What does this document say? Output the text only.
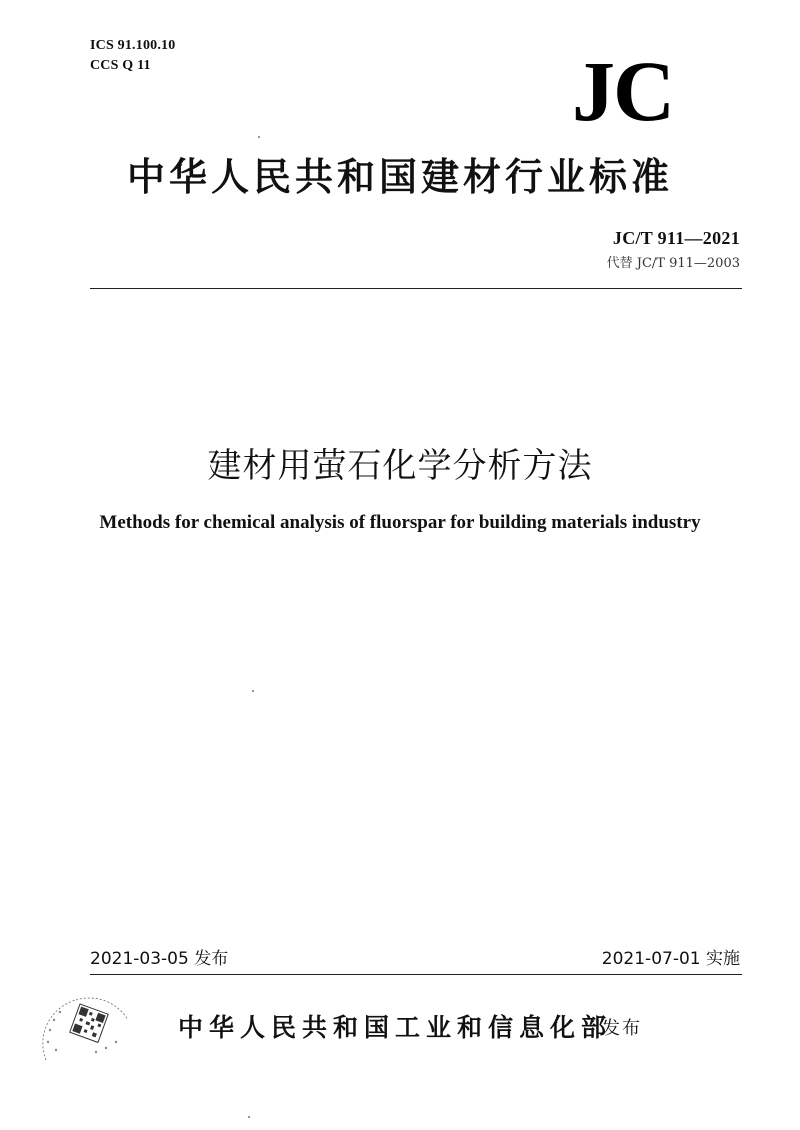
ICS 91.100.10
CCS Q 11	JC
中华人民共和国建材行业标准
JC/T 911—2021
代替 JC/T 911—2003
建材用萤石化学分析方法
Methods for chemical analysis of fluorspar for building materials industry
2021-03-05 发布	2021-07-01 实施
中华人民共和国工业和信息化部
发布
